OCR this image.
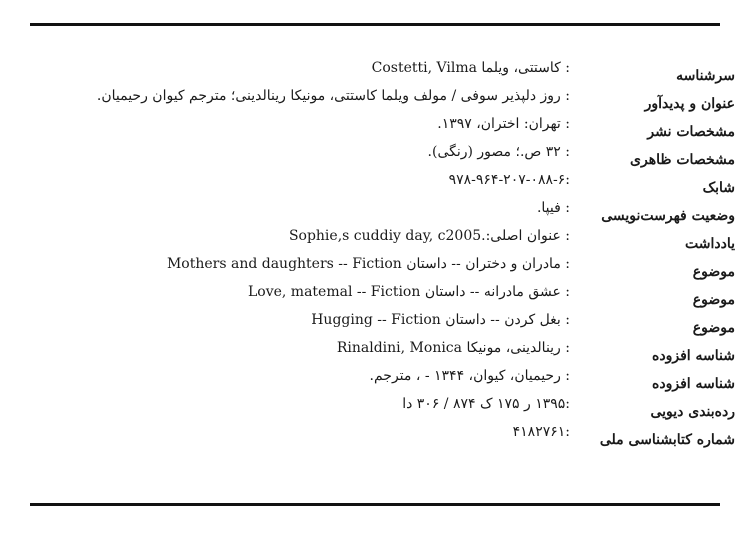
سرشناسه
: کاستتی، ویلما Costetti, Vilma
عنوان و پدیدآور
: روز دلپذیر سوفی / مولف ویلما کاستتی، مونیکا رینالدینی؛ مترجم کیوان رحیمیان.
مشخصات نشر
: تهران: اختران، ۱۳۹۷.
مشخصات ظاهری
: ۳۲ ص.؛ مصور (رنگی).
شابک
:۹۷۸-۹۶۴-۲۰۷-۰۸۸-۶
وضعیت فهرست‌نویسی
: فیپا.
یادداشت
: عنوان اصلی:.Sophie,s cuddiy day, c2005
موضوع
: مادران و دختران -- داستان Mothers and daughters -- Fiction
موضوع
: عشق مادرانه -- داستان Love, matemal -- Fiction
موضوع
: بغل کردن -- داستان Hugging -- Fiction
شناسه افزوده
: رینالدینی، مونیکا Rinaldini, Monica
شناسه افزوده
: رحیمیان، کیوان، ۱۳۴۴ - ، مترجم.
رده‌بندی دیویی
:۱۳۹۵ ر ۱۷۵ ک ۸۷۴ / ۳۰۶ دا
شماره کتابشناسی ملی
:۴۱۸۲۷۶۱
